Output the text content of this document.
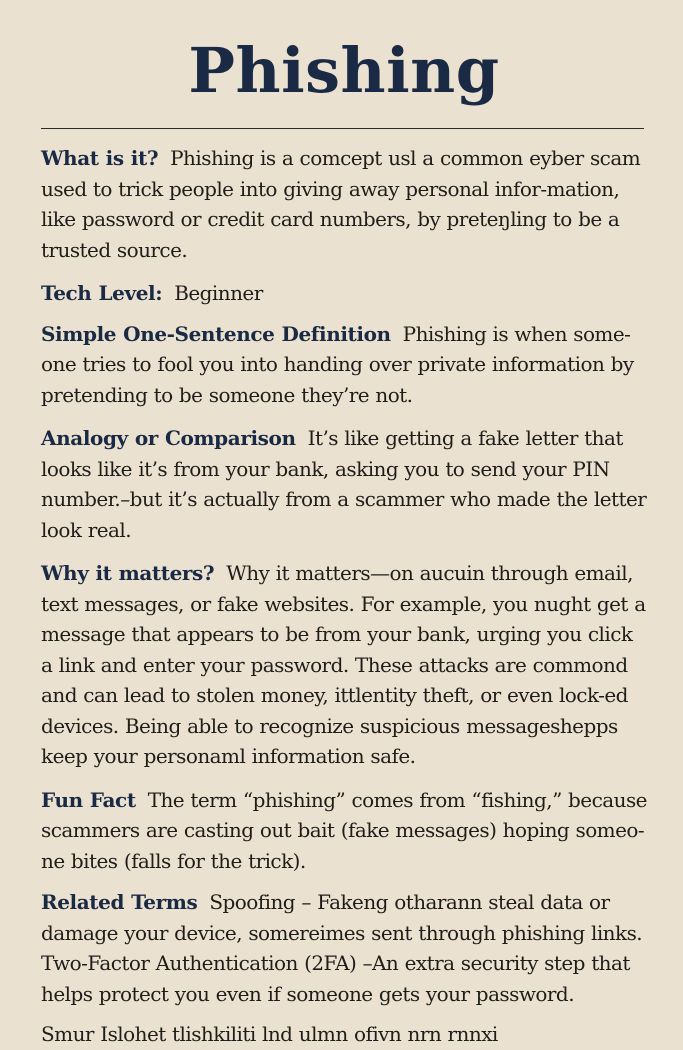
Phishing

What is it? Phishing is a comcept usl a common eyber scam used to trick people into giving away personal infor-mation, like password or credit card numbers, by preteŋling to be a trusted source.

Tech Level: Beginner

Simple One-Sentence Definition Phishing is when some-one tries to fool you into handing over private information by pretending to be someone they’re not.

Analogy or Comparison It’s like getting a fake letter that looks like it’s from your bank, asking you to send your PIN number.–but it’s actually from a scammer who made the letter look real.

Why it matters? Why it matters—on aucuin through email, text messages, or fake websites. For example, you nught get a message that appears to be from your bank, urging you click a link and enter your password. These attacks are commond and can lead to stolen money, ittlentity theft, or even lock-ed devices. Being able to recognize suspicious messageshepps keep your personaml information safe.

Fun Fact The term “phishing” comes from “fishing,” because scammers are casting out bait (fake messages) hoping someo-ne bites (falls for the trick).

Related Terms Spoofing – Fakeng otharann steal data or damage your device, somereimes sent through phishing links.
Two-Factor Authentication (2FA) –An extra security step that helps protect you even if someone gets your password.

Smur Islohet tlishkiliti lnd ulmn ofivn nrn rnnxi
